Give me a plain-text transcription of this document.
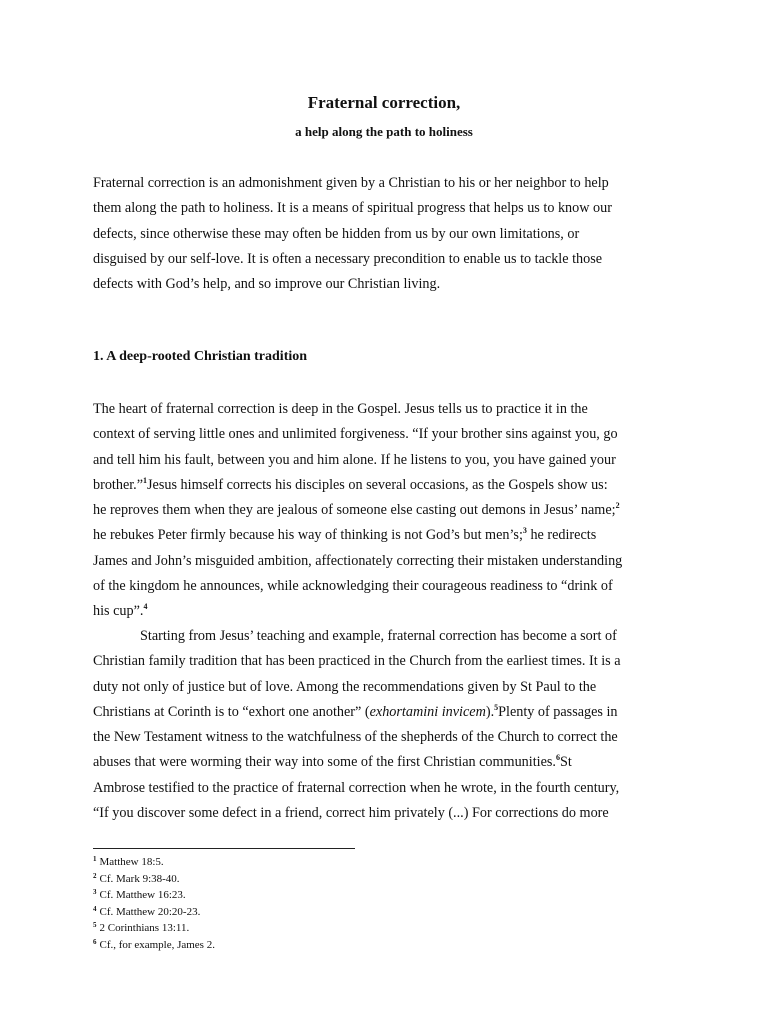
Fraternal correction,
a help along the path to holiness
Fraternal correction is an admonishment given by a Christian to his or her neighbor to help
them along the path to holiness. It is a means of spiritual progress that helps us to know our
defects, since otherwise these may often be hidden from us by our own limitations, or
disguised by our self-love. It is often a necessary precondition to enable us to tackle those
defects with God’s help, and so improve our Christian living.
1. A deep-rooted Christian tradition
The heart of fraternal correction is deep in the Gospel. Jesus tells us to practice it in the
context of serving little ones and unlimited forgiveness. “If your brother sins against you, go
and tell him his fault, between you and him alone. If he listens to you, you have gained your
brother.”$^1$Jesus himself corrects his disciples on several occasions, as the Gospels show us:
he reproves them when they are jealous of someone else casting out demons in Jesus’ name;$^2$
he rebukes Peter firmly because his way of thinking is not God’s but men’s;$^3$ he redirects
James and John’s misguided ambition, affectionately correcting their mistaken understanding
of the kingdom he announces, while acknowledging their courageous readiness to “drink of
his cup”.$^4$
Starting from Jesus’ teaching and example, fraternal correction has become a sort of
Christian family tradition that has been practiced in the Church from the earliest times. It is a
duty not only of justice but of love. Among the recommendations given by St Paul to the
Christians at Corinth is to “exhort one another” (exhortamini invicem).$^5$Plenty of passages in
the New Testament witness to the watchfulness of the shepherds of the Church to correct the
abuses that were worming their way into some of the first Christian communities.$^6$St
Ambrose testified to the practice of fraternal correction when he wrote, in the fourth century,
“If you discover some defect in a friend, correct him privately (...) For corrections do more
$^1$ Matthew 18:5.
$^2$ Cf. Mark 9:38-40.
$^3$ Cf. Matthew 16:23.
$^4$ Cf. Matthew 20:20-23.
$^5$ 2 Corinthians 13:11.
$^6$ Cf., for example, James 2.
